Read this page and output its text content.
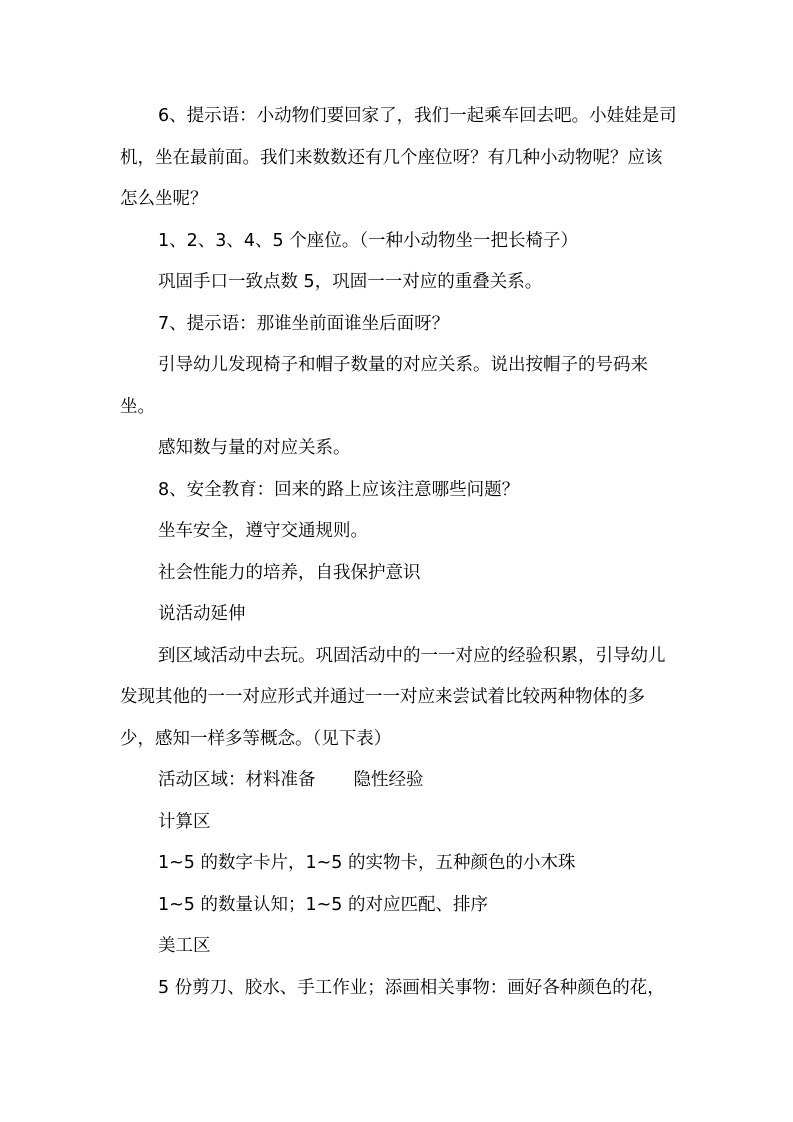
6、提示语：小动物们要回家了，我们一起乘车回去吧。小娃娃是司机，坐在最前面。我们来数数还有几个座位呀？有几种小动物呢？应该怎么坐呢？

1、2、3、4、5 个座位。（一种小动物坐一把长椅子）

巩固手口一致点数 5，巩固一一对应的重叠关系。

7、提示语：那谁坐前面谁坐后面呀？

引导幼儿发现椅子和帽子数量的对应关系。说出按帽子的号码来坐。

感知数与量的对应关系。

8、安全教育：回来的路上应该注意哪些问题？

坐车安全，遵守交通规则。

社会性能力的培养，自我保护意识

说活动延伸

到区域活动中去玩。巩固活动中的一一对应的经验积累，引导幼儿发现其他的一一对应形式并通过一一对应来尝试着比较两种物体的多少，感知一样多等概念。（见下表）

活动区域：材料准备 隐性经验

计算区

1~5 的数字卡片，1~5 的实物卡，五种颜色的小木珠

1~5 的数量认知；1~5 的对应匹配、排序

美工区

5 份剪刀、胶水、手工作业；添画相关事物：画好各种颜色的花，
